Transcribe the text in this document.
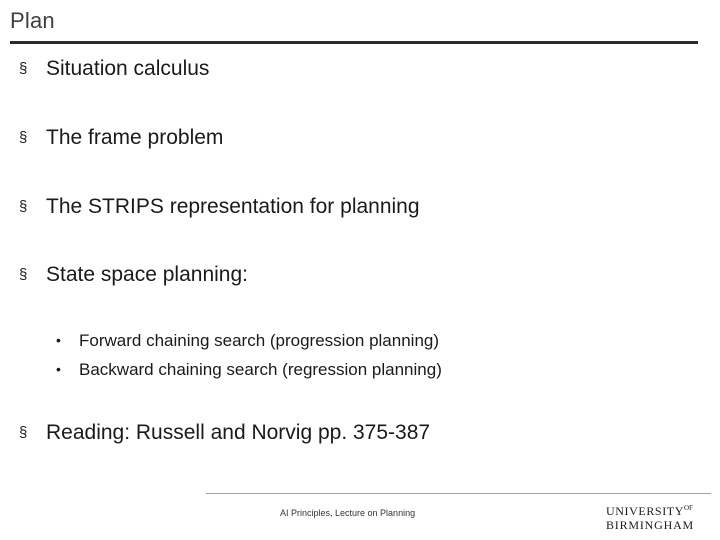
Plan
§ Situation calculus
§ The frame problem
§ The STRIPS representation for planning
§ State space planning:
• Forward chaining search (progression planning)
• Backward chaining search (regression planning)
§ Reading: Russell and Norvig pp. 375-387
AI Principles, Lecture on Planning	$UNIVERSITY^{OF}$
BIRMINGHAM
